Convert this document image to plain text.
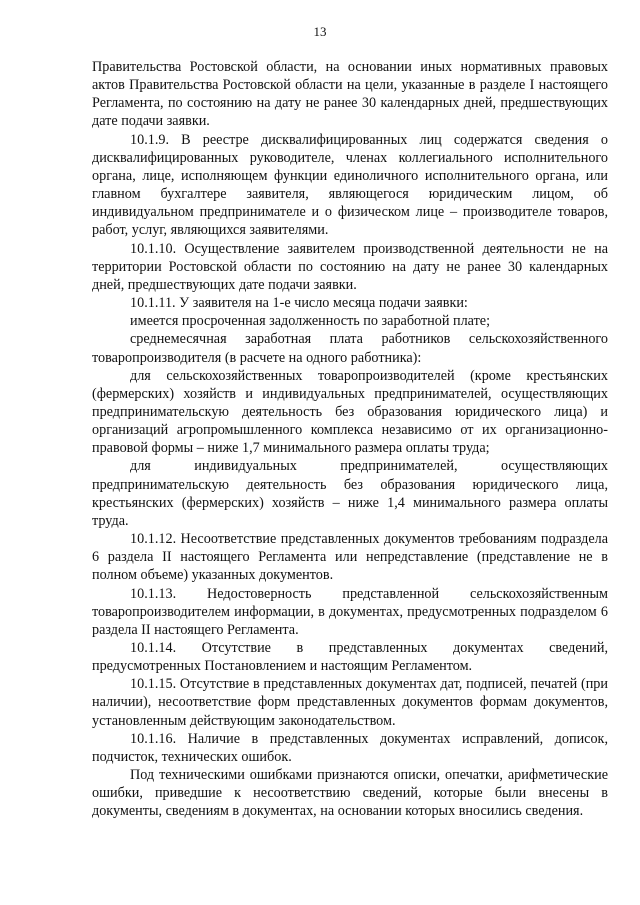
13

Правительства Ростовской области, на основании иных нормативных правовых актов Правительства Ростовской области на цели, указанные в разделе I настоящего Регламента, по состоянию на дату не ранее 30 календарных дней, предшествующих дате подачи заявки.

10.1.9. В реестре дисквалифицированных лиц содержатся сведения о дисквалифицированных руководителе, членах коллегиального исполнительного органа, лице, исполняющем функции единоличного исполнительного органа, или главном бухгалтере заявителя, являющегося юридическим лицом, об индивидуальном предпринимателе и о физическом лице – производителе товаров, работ, услуг, являющихся заявителями.

10.1.10. Осуществление заявителем производственной деятельности не на территории Ростовской области по состоянию на дату не ранее 30 календарных дней, предшествующих дате подачи заявки.

10.1.11. У заявителя на 1-е число месяца подачи заявки:

имеется просроченная задолженность по заработной плате;

среднемесячная заработная плата работников сельскохозяйственного товаропроизводителя (в расчете на одного работника):

для сельскохозяйственных товаропроизводителей (кроме крестьянских (фермерских) хозяйств и индивидуальных предпринимателей, осуществляющих предпринимательскую деятельность без образования юридического лица) и организаций агропромышленного комплекса независимо от их организационно-правовой формы – ниже 1,7 минимального размера оплаты труда;

для индивидуальных предпринимателей, осуществляющих предпринимательскую деятельность без образования юридического лица, крестьянских (фермерских) хозяйств – ниже 1,4 минимального размера оплаты труда.

10.1.12. Несоответствие представленных документов требованиям подраздела 6 раздела II настоящего Регламента или непредставление (представление не в полном объеме) указанных документов.

10.1.13. Недостоверность представленной сельскохозяйственным товаропроизводителем информации, в документах, предусмотренных подразделом 6 раздела II настоящего Регламента.

10.1.14. Отсутствие в представленных документах сведений, предусмотренных Постановлением и настоящим Регламентом.

10.1.15. Отсутствие в представленных документах дат, подписей, печатей (при наличии), несоответствие форм представленных документов формам документов, установленным действующим законодательством.

10.1.16. Наличие в представленных документах исправлений, дописок, подчисток, технических ошибок.

Под техническими ошибками признаются описки, опечатки, арифметические ошибки, приведшие к несоответствию сведений, которые были внесены в документы, сведениям в документах, на основании которых вносились сведения.
